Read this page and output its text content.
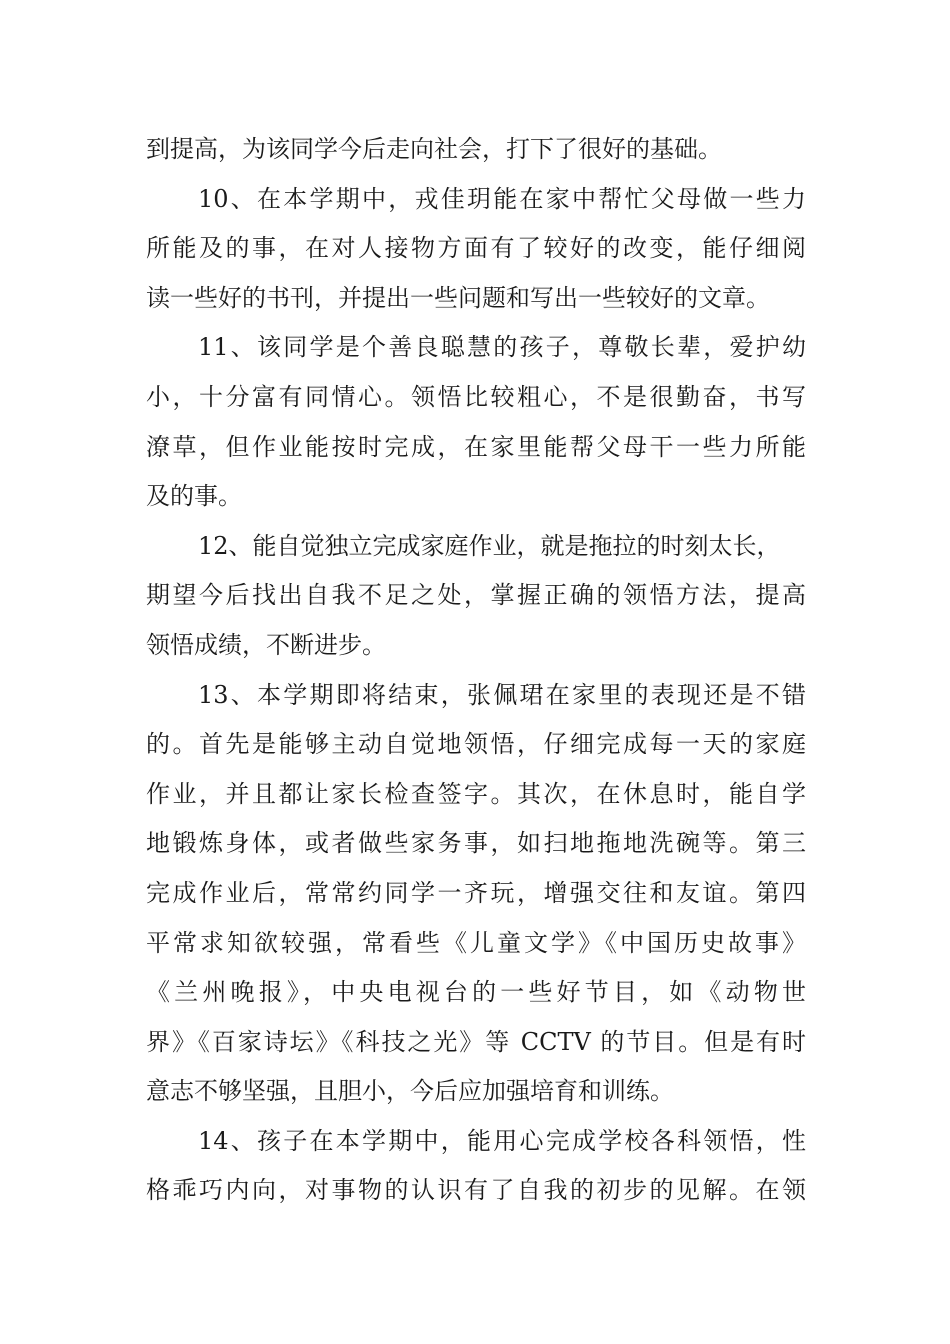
到提高，为该同学今后走向社会，打下了很好的基础。
10、在本学期中，戎佳玥能在家中帮忙父母做一些力
所能及的事，在对人接物方面有了较好的改变，能仔细阅
读一些好的书刊，并提出一些问题和写出一些较好的文章。
11、该同学是个善良聪慧的孩子，尊敬长辈，爱护幼
小，十分富有同情心。领悟比较粗心，不是很勤奋，书写
潦草，但作业能按时完成，在家里能帮父母干一些力所能
及的事。
12、能自觉独立完成家庭作业，就是拖拉的时刻太长，
期望今后找出自我不足之处，掌握正确的领悟方法，提高
领悟成绩，不断进步。
13、本学期即将结束，张佩珺在家里的表现还是不错
的。首先是能够主动自觉地领悟，仔细完成每一天的家庭
作业，并且都让家长检查签字。其次，在休息时，能自学
地锻炼身体，或者做些家务事，如扫地拖地洗碗等。第三
完成作业后，常常约同学一齐玩，增强交往和友谊。第四
平常求知欲较强，常看些《儿童文学》《中国历史故事》
《兰州晚报》，中央电视台的一些好节目，如《动物世
界》《百家诗坛》《科技之光》等 CCTV 的节目。但是有时
意志不够坚强，且胆小，今后应加强培育和训练。
14、孩子在本学期中，能用心完成学校各科领悟，性
格乖巧内向，对事物的认识有了自我的初步的见解。在领
